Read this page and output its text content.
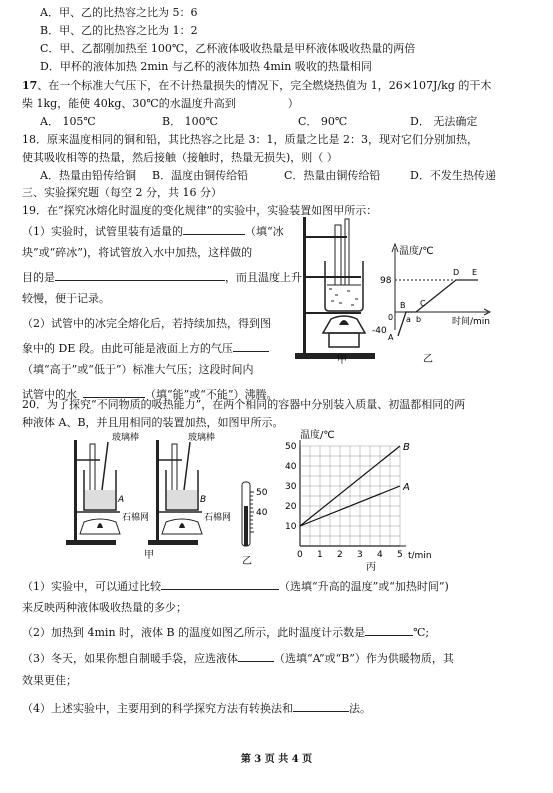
A．甲、乙的比热容之比为 5：6
B．甲、乙的比热容之比为 1：2
C．甲、乙都刚加热至 100℃，乙杯液体吸收热量是甲杯液体吸收热量的两倍
D．甲杯的液体加热 2min 与乙杯的液体加热 4min 吸收的热量相同
17、在一个标准大气压下，在不计热量损失的情况下，完全燃烧热值为 1，26×107J/kg 的干木
柴 1kg，能使 40kg、30℃的水温度升高到	）
A． 105℃	B． 100℃	C． 90℃	D． 无法确定
18．原来温度相同的铜和铅，其比热容之比是 3：1，质量之比是 2：3，现对它们分别加热，
使其吸收相等的热量，然后接触（接触时，热量无损失)，则（ ）
A．热量由铅传给铜 B．温度由铜传给铅	C．热量由铜传给铅	D．不发生热传递
三、实验探究题（每空 2 分，共 16 分）
19．在“探究冰熔化时温度的变化规律”的实验中，实验装置如图甲所示：
（1）实验时，试管里装有适量的	（填“冰
块”或“碎冰”)，将试管放入水中加热，这样做的
目的是	，而且温度上升
较慢，便于记录。
（2）试管中的冰完全熔化后，若持续加热，得到图
象中的 DE 段。由此可能是液面上方的气压
（填“高于”或“低于”）标准大气压；这段时间内
试管中的水	（填“能”或“不能”）沸腾。
甲
温度/℃
时间/min
98
-40
0
A
B C
D E
a b
乙
20．为了探究“不同物质的吸热能力”，在两个相同的容器中分别装入质量、初温都相同的两
种液体 A、B，并且用相同的装置加热，如图甲所示。
玻璃棒	玻璃棒
A
石棉网
B
石棉网
甲
50
40
乙
温度/℃
t/min
丙
0 1 2 3 4 5
10
20
30
40
50	B
A
（1）实验中，可以通过比较	（选填“升高的温度”或“加热时间”)
来反映两种液体吸收热量的多少；
（2）加热到 4min 时，液体 B 的温度如图乙所示，此时温度计示数是	℃;
（3）冬天，如果你想自制暖手袋，应选液体	（选填“A”或“B”）作为供暖物质，其
效果更佳；
（4）上述实验中，主要用到的科学探究方法有转换法和	法。
第 3 页 共 4 页
